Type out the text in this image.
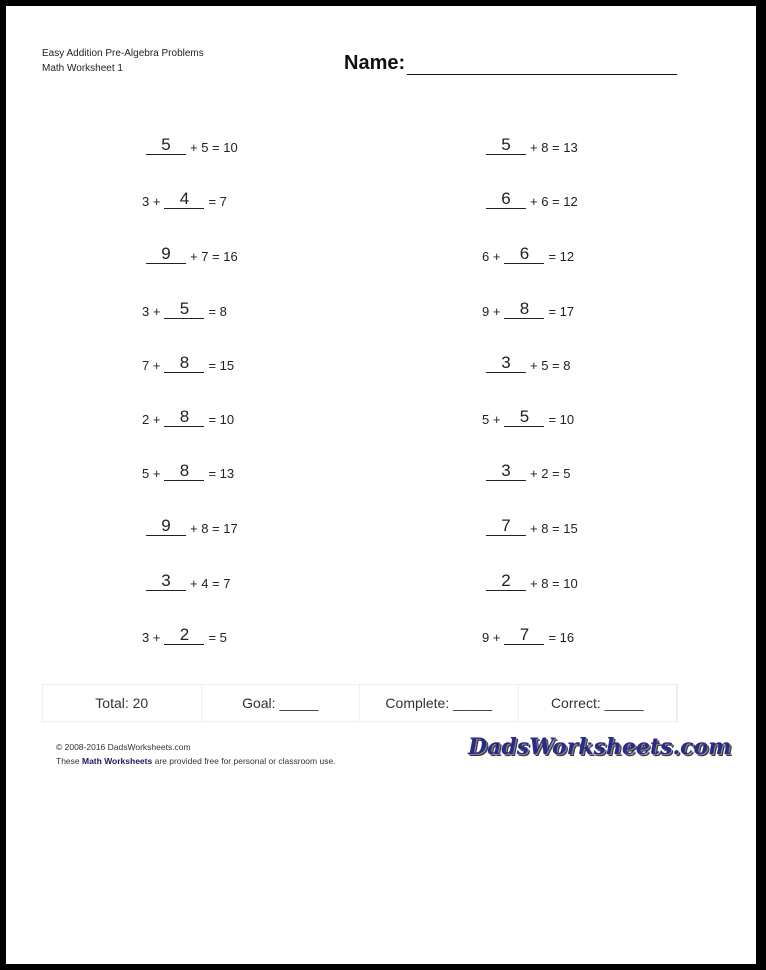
Easy Addition Pre-Algebra Problems
Math Worksheet 1	Name:
5	+ 5 = 10
3 +	4	= 7
9	+ 7 = 16
3 +	5	= 8
7 +	8	= 15
2 +	8	= 10
5 +	8	= 13
9	+ 8 = 17
3	+ 4 = 7
3 +	2	= 5
5	+ 8 = 13
6	+ 6 = 12
6 +	6	= 12
9 +	8	= 17
3	+ 5 = 8
5 +	5	= 10
3	+ 2 = 5
7	+ 8 = 15
2	+ 8 = 10
9 +	7	= 16
Total: 20	Goal: _____	Complete: _____	Correct: _____
© 2008-2016 DadsWorksheets.com
These Math Worksheets are provided free for personal or classroom use.
DadsWorksheets.com
